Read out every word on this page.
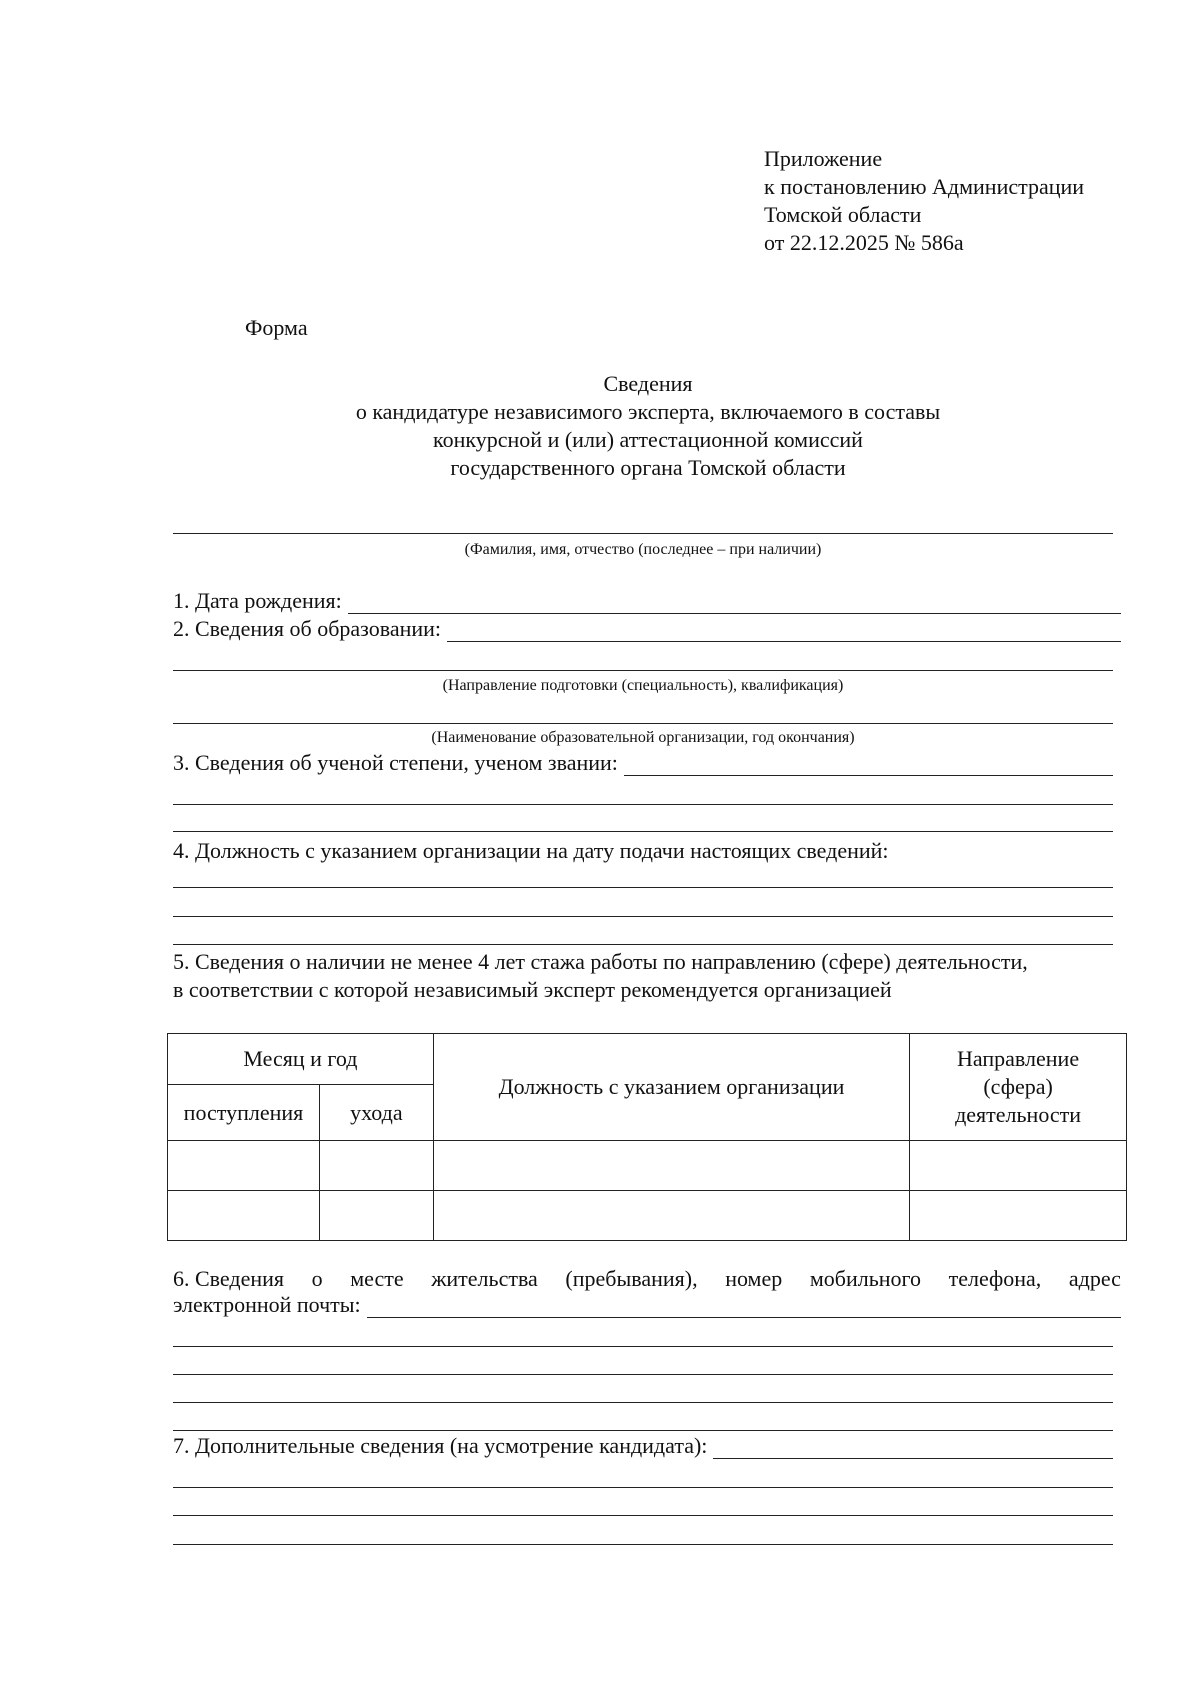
Приложение
к постановлению Администрации
Томской области
от 22.12.2025 № 586а
Форма
Сведения
о кандидатуре независимого эксперта, включаемого в составы
конкурсной и (или) аттестационной комиссий
государственного органа Томской области
(Фамилия, имя, отчество (последнее – при наличии)
1. Дата рождения:
2. Сведения об образовании:
(Направление подготовки (специальность), квалификация)
(Наименование образовательной организации, год окончания)
3. Сведения об ученой степени, ученом звании:
4. Должность с указанием организации на дату подачи настоящих сведений:
5. Сведения о наличии не менее 4 лет стажа работы по направлению (сфере) деятельности,
в соответствии с которой независимый эксперт рекомендуется организацией
Месяц и год		Должность с указанием организации	Направление
(сфера)
деятельности

поступления	ухода		

6. Сведения о месте жительства (пребывания), номер мобильного телефона, адрес
электронной почты:
7. Дополнительные сведения (на усмотрение кандидата):
